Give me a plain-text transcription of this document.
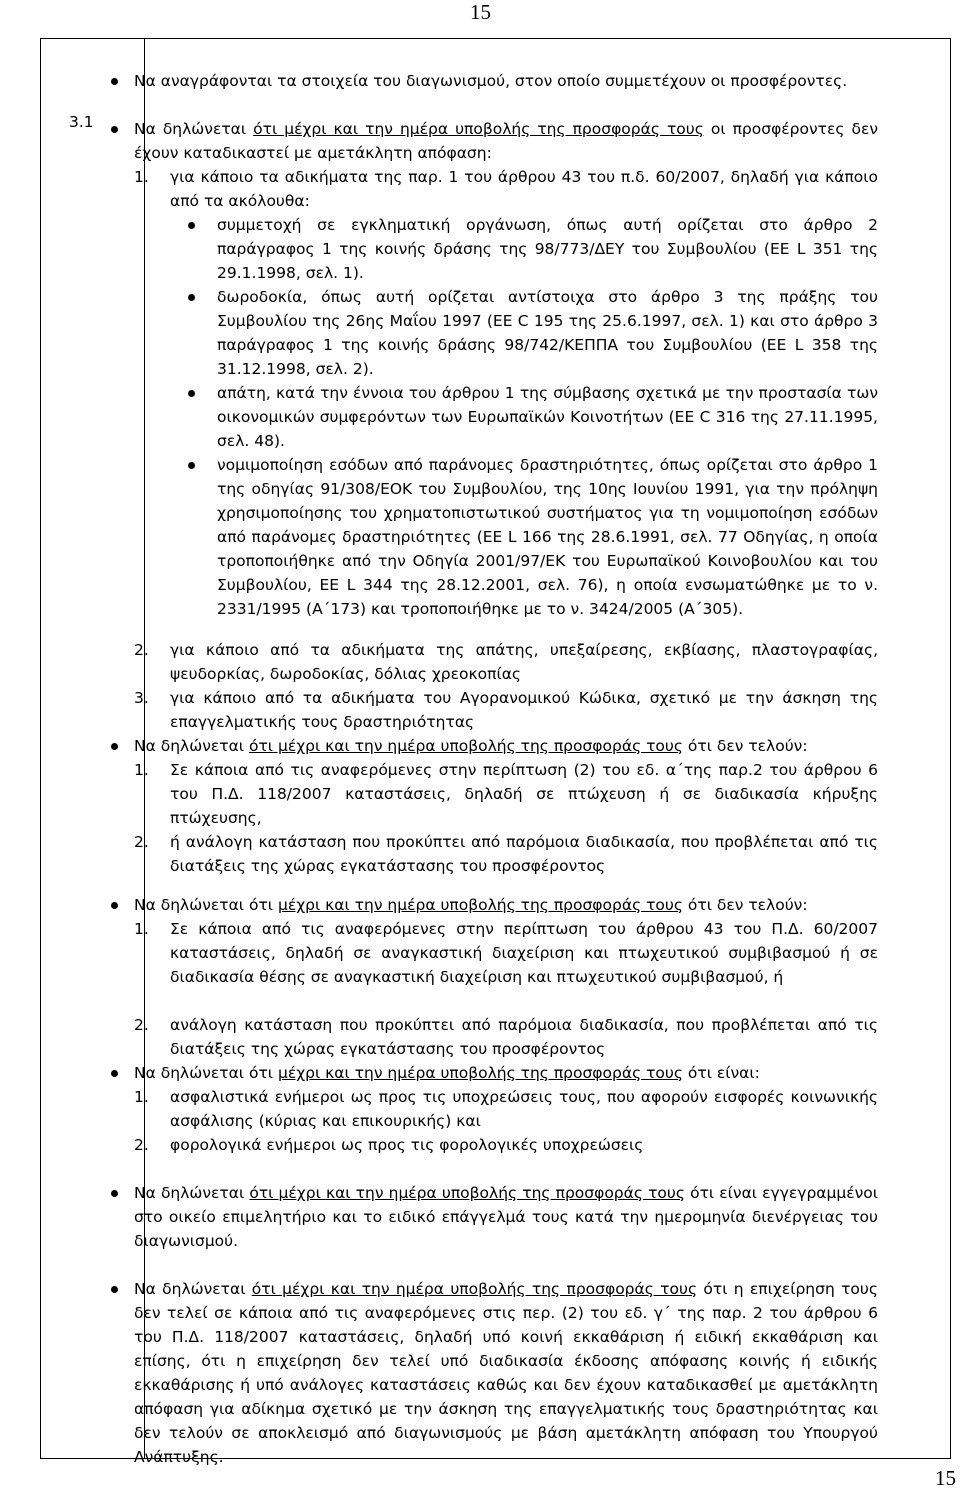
15
3.1

Να αναγράφονται τα στοιχεία του διαγωνισμού, στον οποίο συμμετέχουν οι προσφέροντες.

Να δηλώνεται ότι μέχρι και την ημέρα υποβολής της προσφοράς τους οι προσφέροντες δεν έχουν καταδικαστεί με αμετάκλητη απόφαση:

1. για κάποιο τα αδικήματα της παρ. 1 του άρθρου 43 του π.δ. 60/2007, δηλαδή για κάποιο από τα ακόλουθα:

συμμετοχή σε εγκληματική οργάνωση, όπως αυτή ορίζεται στο άρθρο 2 παράγραφος 1 της κοινής δράσης της 98/773/ΔΕΥ του Συμβουλίου (ΕΕ L 351 της 29.1.1998, σελ. 1).

δωροδοκία, όπως αυτή ορίζεται αντίστοιχα στο άρθρο 3 της πράξης του Συμβουλίου της 26ης Μαΐου 1997 (ΕΕ C 195 της 25.6.1997, σελ. 1) και στο άρθρο 3 παράγραφος 1 της κοινής δράσης 98/742/ΚΕΠΠΑ του Συμβουλίου (ΕΕ L 358 της 31.12.1998, σελ. 2).

απάτη, κατά την έννοια του άρθρου 1 της σύμβασης σχετικά με την προστασία των οικονομικών συμφερόντων των Ευρωπαϊκών Κοινοτήτων (ΕΕ C 316 της 27.11.1995, σελ. 48).

νομιμοποίηση εσόδων από παράνομες δραστηριότητες, όπως ορίζεται στο άρθρο 1 της οδηγίας 91/308/ΕΟΚ του Συμβουλίου, της 10ης Ιουνίου 1991, για την πρόληψη χρησιμοποίησης του χρηματοπιστωτικού συστήματος για τη νομιμοποίηση εσόδων από παράνομες δραστηριότητες (ΕΕ L 166 της 28.6.1991, σελ. 77 Οδηγίας, η οποία τροποποιήθηκε από την Οδηγία 2001/97/ΕΚ του Ευρωπαϊκού Κοινοβουλίου και του Συμβουλίου, ΕΕ L 344 της 28.12.2001, σελ. 76), η οποία ενσωματώθηκε με το ν. 2331/1995 (Α΄173) και τροποποιήθηκε με το ν. 3424/2005 (Α΄305).

2. για κάποιο από τα αδικήματα της απάτης, υπεξαίρεσης, εκβίασης, πλαστογραφίας, ψευδορκίας, δωροδοκίας, δόλιας χρεοκοπίας

3. για κάποιο από τα αδικήματα του Αγορανομικού Κώδικα, σχετικό με την άσκηση της επαγγελματικής τους δραστηριότητας

Να δηλώνεται ότι μέχρι και την ημέρα υποβολής της προσφοράς τους ότι δεν τελούν:

1. Σε κάποια από τις αναφερόμενες στην περίπτωση (2) του εδ. α΄της παρ.2 του άρθρου 6 του Π.Δ. 118/2007 καταστάσεις, δηλαδή σε πτώχευση ή σε διαδικασία κήρυξης πτώχευσης,

2. ή ανάλογη κατάσταση που προκύπτει από παρόμοια διαδικασία, που προβλέπεται από τις διατάξεις της χώρας εγκατάστασης του προσφέροντος

Να δηλώνεται ότι μέχρι και την ημέρα υποβολής της προσφοράς τους ότι δεν τελούν:

1. Σε κάποια από τις αναφερόμενες στην περίπτωση του άρθρου 43 του Π.Δ. 60/2007 καταστάσεις, δηλαδή σε αναγκαστική διαχείριση και πτωχευτικού συμβιβασμού ή σε διαδικασία θέσης σε αναγκαστική διαχείριση και πτωχευτικού συμβιβασμού, ή

2. ανάλογη κατάσταση που προκύπτει από παρόμοια διαδικασία, που προβλέπεται από τις διατάξεις της χώρας εγκατάστασης του προσφέροντος

Να δηλώνεται ότι μέχρι και την ημέρα υποβολής της προσφοράς τους ότι είναι:

1. ασφαλιστικά ενήμεροι ως προς τις υποχρεώσεις τους, που αφορούν εισφορές κοινωνικής ασφάλισης (κύριας και επικουρικής) και

2. φορολογικά ενήμεροι ως προς τις φορολογικές υποχρεώσεις

Να δηλώνεται ότι μέχρι και την ημέρα υποβολής της προσφοράς τους ότι είναι εγγεγραμμένοι στο οικείο επιμελητήριο και το ειδικό επάγγελμά τους κατά την ημερομηνία διενέργειας του διαγωνισμού.

Να δηλώνεται ότι μέχρι και την ημέρα υποβολής της προσφοράς τους ότι η επιχείρηση τους δεν τελεί σε κάποια από τις αναφερόμενες στις περ. (2) του εδ. γ΄ της παρ. 2 του άρθρου 6 του Π.Δ. 118/2007 καταστάσεις, δηλαδή υπό κοινή εκκαθάριση ή ειδική εκκαθάριση και επίσης, ότι η επιχείρηση δεν τελεί υπό διαδικασία έκδοσης απόφασης κοινής ή ειδικής εκκαθάρισης ή υπό ανάλογες καταστάσεις καθώς και δεν έχουν καταδικασθεί με αμετάκλητη απόφαση για αδίκημα σχετικό με την άσκηση της επαγγελματικής τους δραστηριότητας και δεν τελούν σε αποκλεισμό από διαγωνισμούς με βάση αμετάκλητη απόφαση του Υπουργού Ανάπτυξης.

15
